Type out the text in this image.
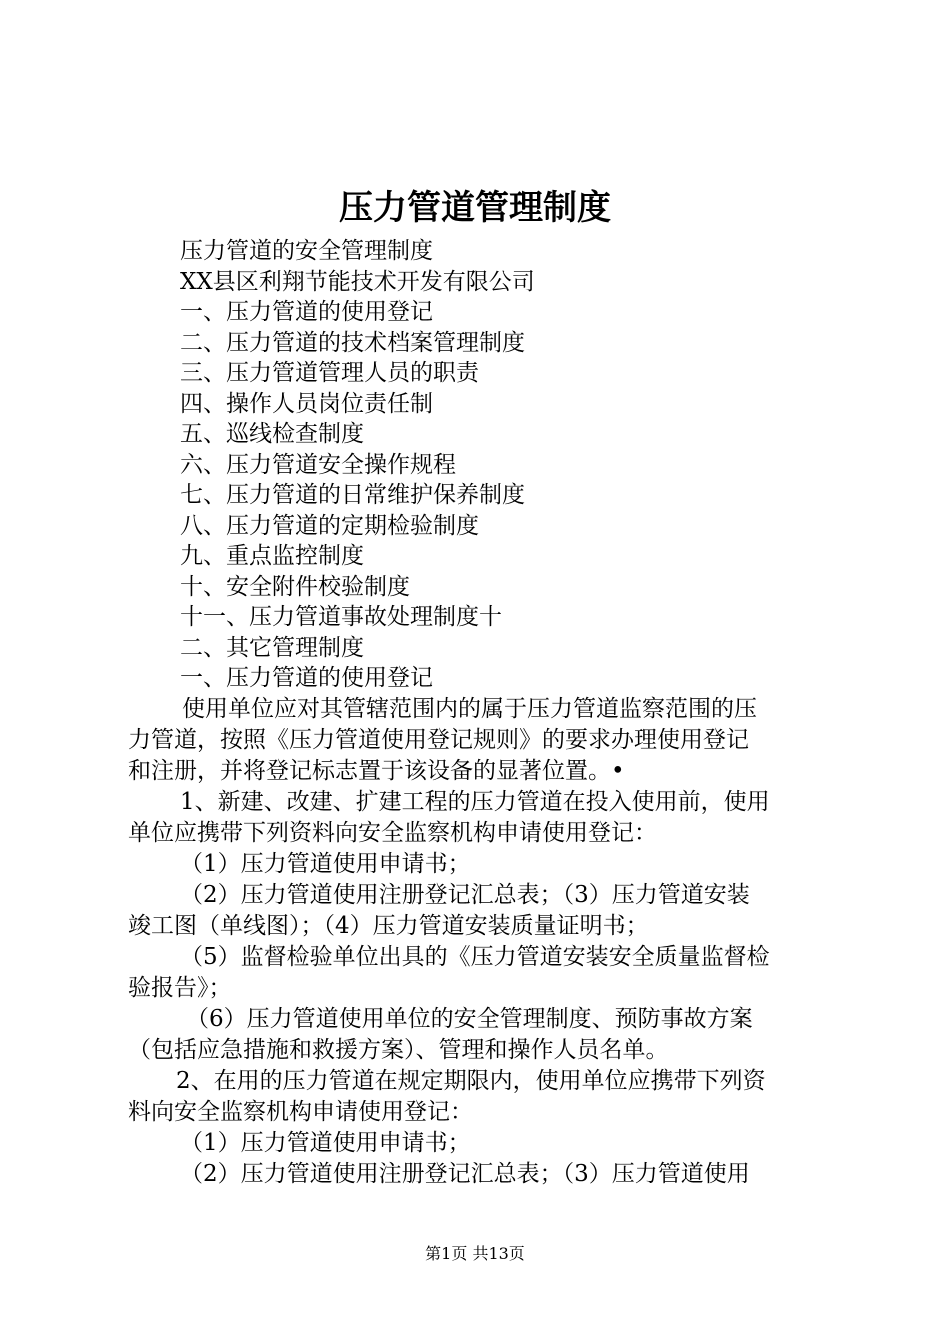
压力管道管理制度
压力管道的安全管理制度
XX县区利翔节能技术开发有限公司
一、压力管道的使用登记
二、压力管道的技术档案管理制度
三、压力管道管理人员的职责
四、操作人员岗位责任制
五、巡线检查制度
六、压力管道安全操作规程
七、压力管道的日常维护保养制度
八、压力管道的定期检验制度
九、重点监控制度
十、安全附件校验制度
十一、压力管道事故处理制度十
二、其它管理制度
一、压力管道的使用登记
使用单位应对其管辖范围内的属于压力管道监察范围的压
力管道，按照《压力管道使用登记规则》的要求办理使用登记
和注册，并将登记标志置于该设备的显著位置。•
1、新建、改建、扩建工程的压力管道在投入使用前，使用
单位应携带下列资料向安全监察机构申请使用登记：
（1）压力管道使用申请书；
（2）压力管道使用注册登记汇总表；（3）压力管道安装
竣工图（单线图）；（4）压力管道安装质量证明书；
（5）监督检验单位出具的《压力管道安装安全质量监督检
验报告》；
（6）压力管道使用单位的安全管理制度、预防事故方案
（包括应急措施和救援方案）、管理和操作人员名单。
2、在用的压力管道在规定期限内，使用单位应携带下列资
料向安全监察机构申请使用登记：
（1）压力管道使用申请书；
（2）压力管道使用注册登记汇总表；（3）压力管道使用
第1页 共13页
